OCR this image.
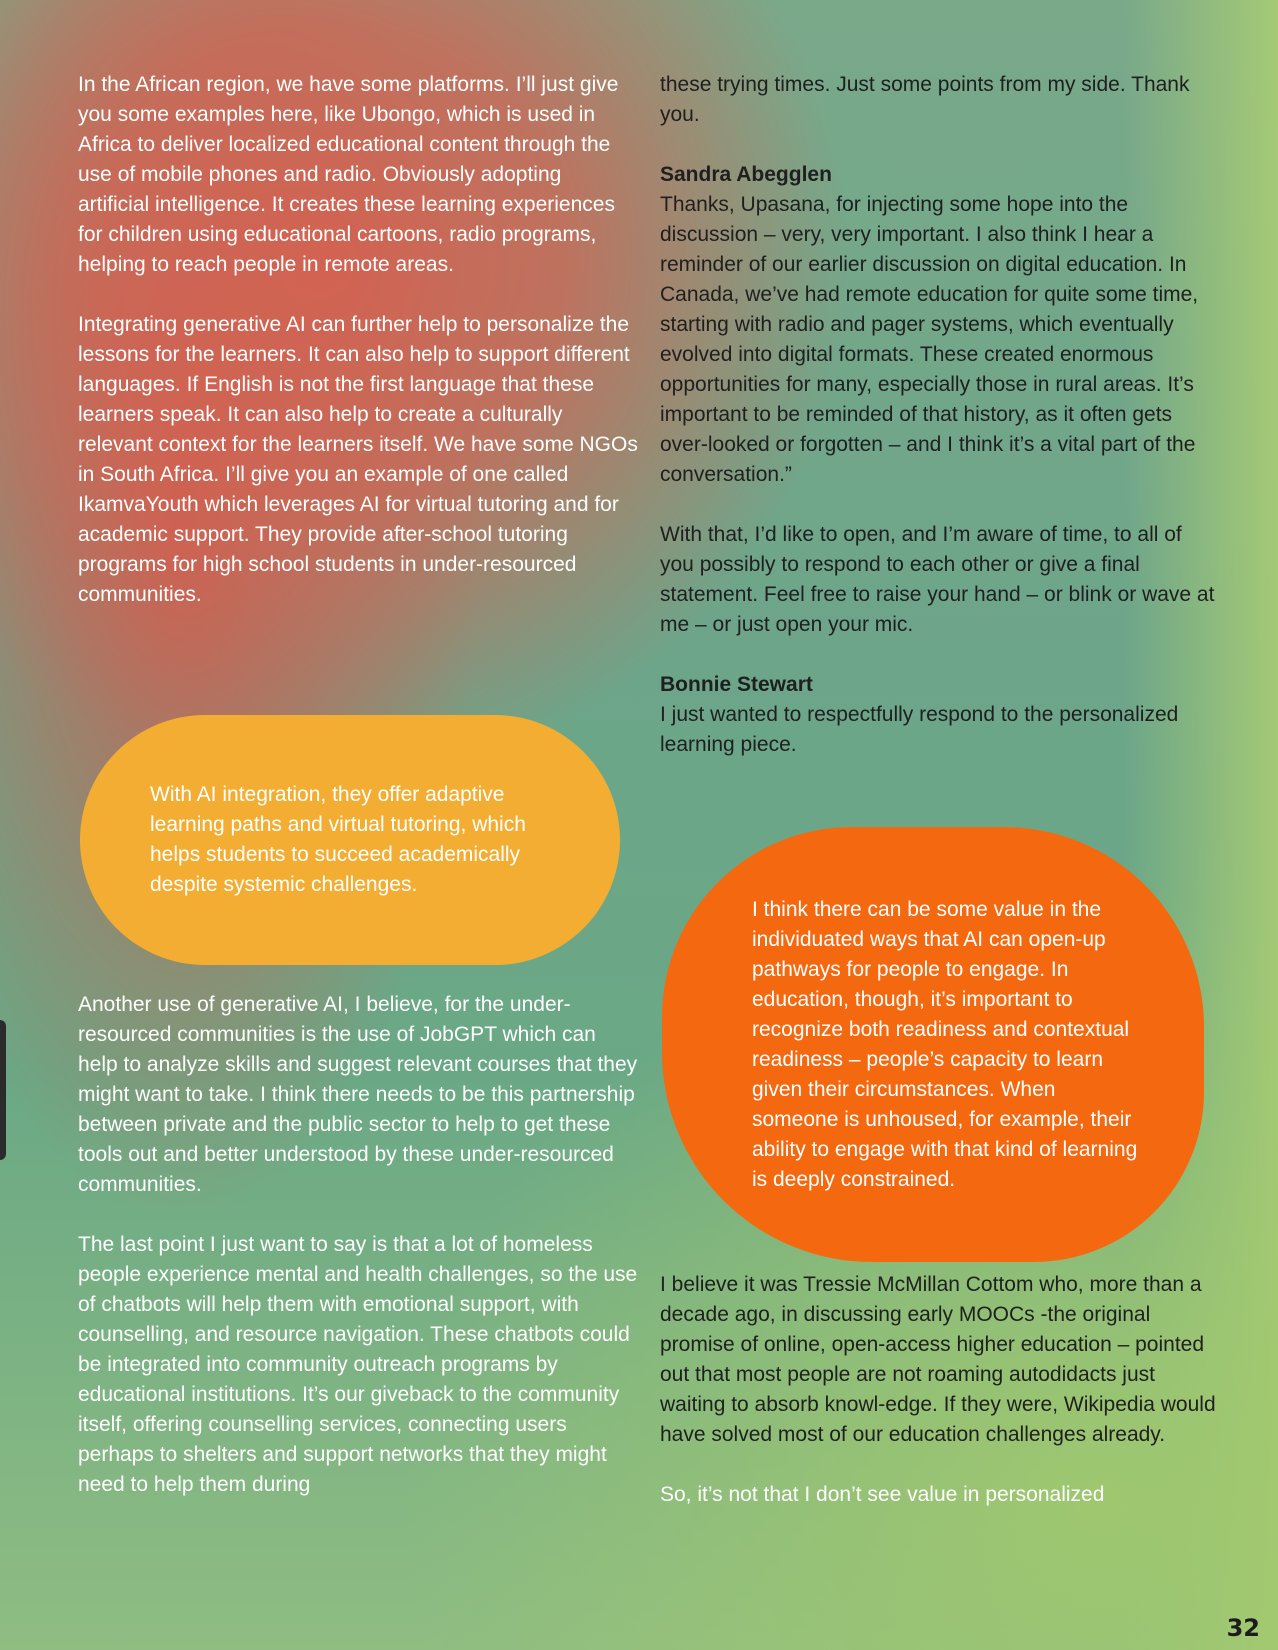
In the African region, we have some platforms. I’ll just give you some examples here, like Ubongo, which is used in Africa to deliver localized educational content through the use of mobile phones and radio. Obviously adopting artificial intelligence. It creates these learning experiences for children using educational cartoons, radio programs, helping to reach people in remote areas.

Integrating generative AI can further help to personalize the lessons for the learners. It can also help to support different languages. If English is not the first language that these learners speak. It can also help to create a culturally relevant context for the learners itself. We have some NGOs in South Africa. I’ll give you an example of one called IkamvaYouth which leverages AI for virtual tutoring and for academic support. They provide after-school tutoring programs for high school students in under-resourced communities.

Another use of generative AI, I believe, for the under-resourced communities is the use of JobGPT which can help to analyze skills and suggest relevant courses that they might want to take. I think there needs to be this partnership between private and the public sector to help to get these tools out and better understood by these under-resourced communities.

The last point I just want to say is that a lot of homeless people experience mental and health challenges, so the use of chatbots will help them with emotional support, with counselling, and resource navigation. These chatbots could be integrated into community outreach programs by educational institutions. It’s our giveback to the community itself, offering counselling services, connecting users perhaps to shelters and support networks that they might need to help them during

With AI integration, they offer adaptive learning paths and virtual tutoring, which helps students to succeed academically despite systemic challenges.

these trying times. Just some points from my side. Thank you.

Sandra Abegglen
Thanks, Upasana, for injecting some hope into the discussion – very, very important. I also think I hear a reminder of our earlier discussion on digital education. In Canada, we’ve had remote education for quite some time, starting with radio and pager systems, which eventually evolved into digital formats. These created enormous opportunities for many, especially those in rural areas. It’s important to be reminded of that history, as it often gets over-looked or forgotten – and I think it’s a vital part of the conversation.”

With that, I’d like to open, and I’m aware of time, to all of you possibly to respond to each other or give a final statement. Feel free to raise your hand – or blink or wave at me – or just open your mic.

Bonnie Stewart
I just wanted to respectfully respond to the personalized learning piece.

I believe it was Tressie McMillan Cottom who, more than a decade ago, in discussing early MOOCs -the original promise of online, open-access higher education – pointed out that most people are not roaming autodidacts just waiting to absorb knowl-edge. If they were, Wikipedia would have solved most of our education challenges already.

So, it’s not that I don’t see value in personalized

I think there can be some value in the individuated ways that AI can open-up pathways for people to engage. In education, though, it’s important to recognize both readiness and contextual readiness – people’s capacity to learn given their circumstances. When someone is unhoused, for example, their ability to engage with that kind of learning is deeply constrained.
32
